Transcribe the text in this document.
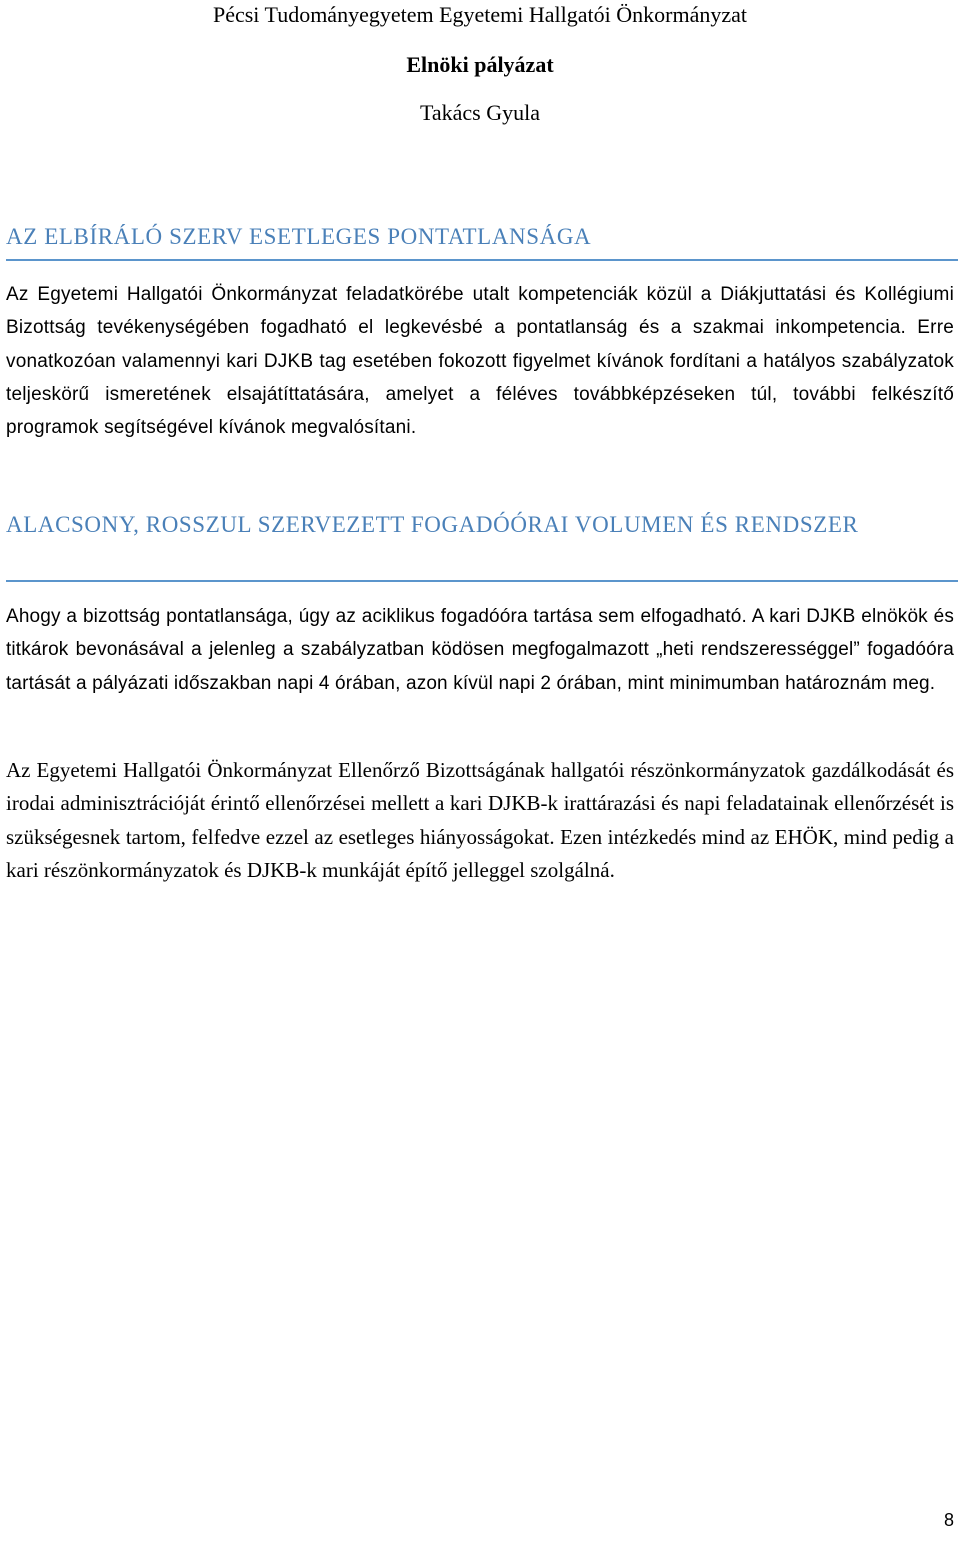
Pécsi Tudományegyetem Egyetemi Hallgatói Önkormányzat
Elnöki pályázat
Takács Gyula
AZ ELBÍRÁLÓ SZERV ESETLEGES PONTATLANSÁGA
Az Egyetemi Hallgatói Önkormányzat feladatkörébe utalt kompetenciák közül a Diákjuttatási és Kollégiumi Bizottság tevékenységében fogadható el legkevésbé a pontatlanság és a szakmai inkompetencia. Erre vonatkozóan valamennyi kari DJKB tag esetében fokozott figyelmet kívánok fordítani a hatályos szabályzatok teljeskörű ismeretének elsajátíttatására, amelyet a féléves továbbképzéseken túl, további felkészítő programok segítségével kívánok megvalósítani.
ALACSONY, ROSSZUL SZERVEZETT FOGADÓÓRAI VOLUMEN ÉS RENDSZER
Ahogy a bizottság pontatlansága, úgy az aciklikus fogadóóra tartása sem elfogadható. A kari DJKB elnökök és titkárok bevonásával a jelenleg a szabályzatban ködösen megfogalmazott „heti rendszerességgel” fogadóóra tartását a pályázati időszakban napi 4 órában, azon kívül napi 2 órában, mint minimumban határoznám meg.
Az Egyetemi Hallgatói Önkormányzat Ellenőrző Bizottságának hallgatói részönkormányzatok gazdálkodását és irodai adminisztrációját érintő ellenőrzései mellett a kari DJKB-k irattárazási és napi feladatainak ellenőrzését is szükségesnek tartom, felfedve ezzel az esetleges hiányosságokat. Ezen intézkedés mind az EHÖK, mind pedig a kari részönkormányzatok és DJKB-k munkáját építő jelleggel szolgálná.
8
